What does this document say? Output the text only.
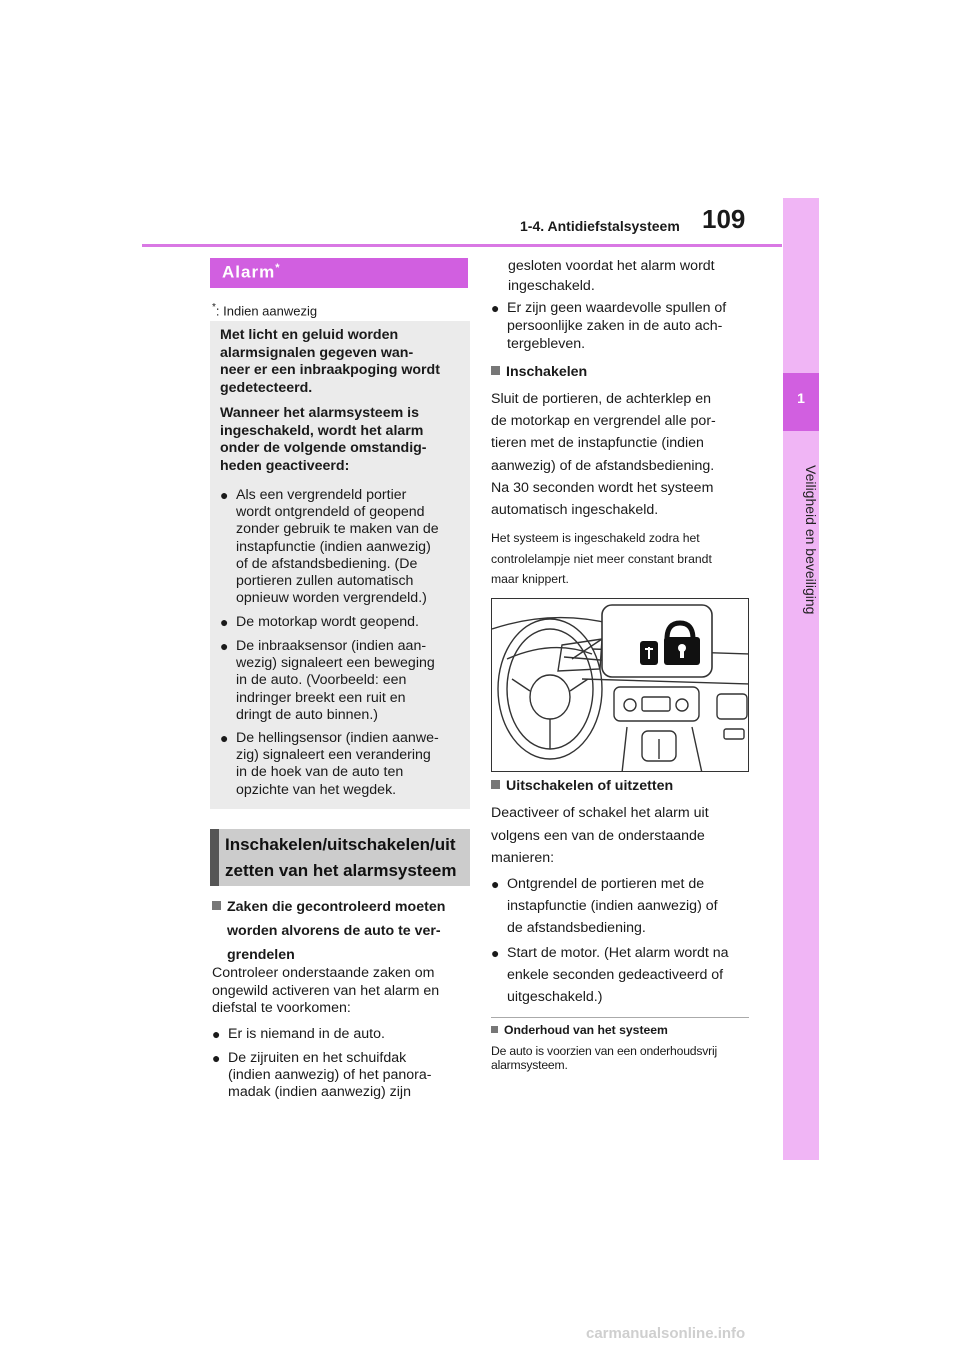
1-4. Antidiefstalsysteem 109
1
Veiligheid en beveiliging
Alarm*
*: Indien aanwezig
Met licht en geluid worden
alarmsignalen gegeven wan-
neer er een inbraakpoging wordt
gedetecteerd.
Wanneer het alarmsysteem is
ingeschakeld, wordt het alarm
onder de volgende omstandig-
heden geactiveerd:
● Als een vergrendeld portier
wordt ontgrendeld of geopend
zonder gebruik te maken van de
instapfunctie (indien aanwezig)
of de afstandsbediening. (De
portieren zullen automatisch
opnieuw worden vergrendeld.)
● De motorkap wordt geopend.
● De inbraaksensor (indien aan-
wezig) signaleert een beweging
in de auto. (Voorbeeld: een
indringer breekt een ruit en
dringt de auto binnen.)
● De hellingsensor (indien aanwe-
zig) signaleert een verandering
in de hoek van de auto ten
opzichte van het wegdek.
Inschakelen/uitschakelen/uit
zetten van het alarmsysteem
Zaken die gecontroleerd moeten
worden alvorens de auto te ver-
grendelen
Controleer onderstaande zaken om
ongewild activeren van het alarm en
diefstal te voorkomen:
● Er is niemand in de auto.
● De zijruiten en het schuifdak
(indien aanwezig) of het panora-
madak (indien aanwezig) zijn
gesloten voordat het alarm wordt
ingeschakeld.
● Er zijn geen waardevolle spullen of
persoonlijke zaken in de auto ach-
tergebleven.
Inschakelen
Sluit de portieren, de achterklep en
de motorkap en vergrendel alle por-
tieren met de instapfunctie (indien
aanwezig) of de afstandsbediening.
Na 30 seconden wordt het systeem
automatisch ingeschakeld.
Het systeem is ingeschakeld zodra het
controlelampje niet meer constant brandt
maar knippert.
Uitschakelen of uitzetten
Deactiveer of schakel het alarm uit
volgens een van de onderstaande
manieren:
● Ontgrendel de portieren met de
instapfunctie (indien aanwezig) of
de afstandsbediening.
● Start de motor. (Het alarm wordt na
enkele seconden gedeactiveerd of
uitgeschakeld.)
Onderhoud van het systeem
De auto is voorzien van een onderhoudsvrij
alarmsysteem.
carmanualsonline.info
